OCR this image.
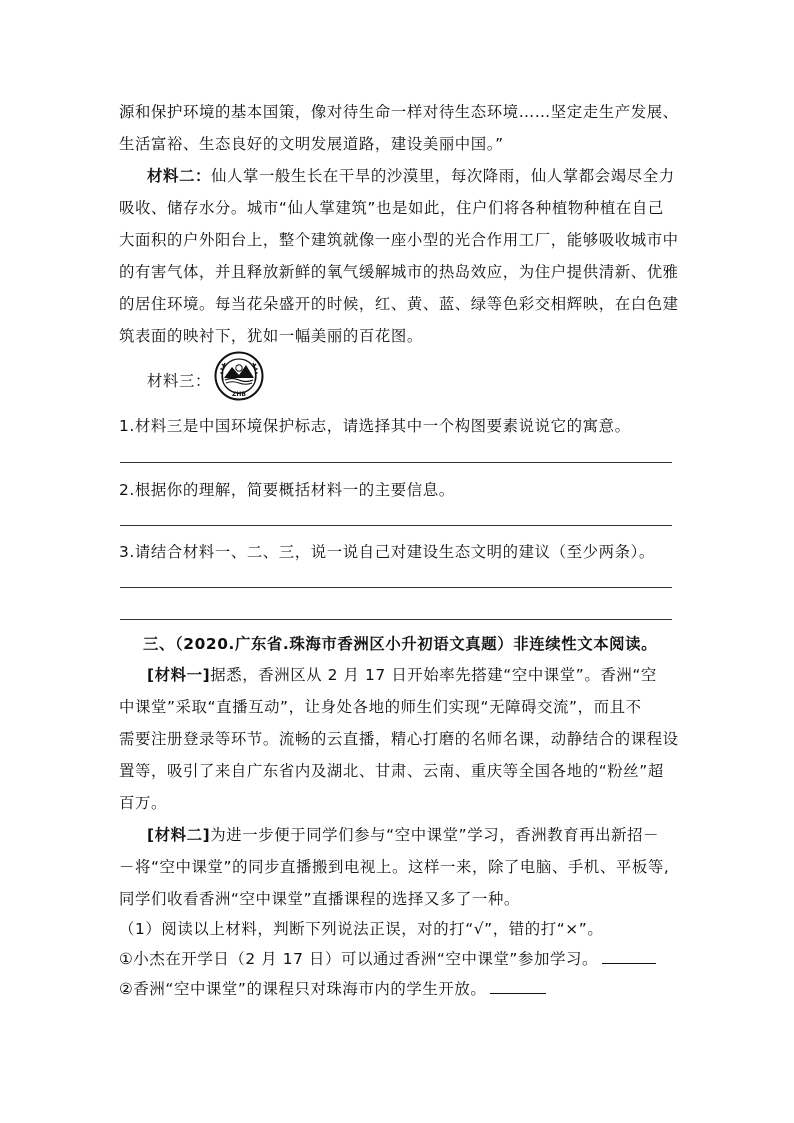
源和保护环境的基本国策，像对待生命一样对待生态环境……坚定走生产发展、
生活富裕、生态良好的文明发展道路，建设美丽中国。”
材料二：仙人掌一般生长在干旱的沙漠里，每次降雨，仙人掌都会竭尽全力
吸收、储存水分。城市“仙人掌建筑”也是如此，住户们将各种植物种植在自己
大面积的户外阳台上，整个建筑就像一座小型的光合作用工厂，能够吸收城市中
的有害气体，并且释放新鲜的氧气缓解城市的热岛效应，为住户提供清新、优雅
的居住环境。每当花朵盛开的时候，红、黄、蓝、绿等色彩交相辉映，在白色建
筑表面的映衬下，犹如一幅美丽的百花图。
材料三：
ZHB
1.材料三是中国环境保护标志，请选择其中一个构图要素说说它的寓意。
2.根据你的理解，简要概括材料一的主要信息。
3.请结合材料一、二、三，说一说自己对建设生态文明的建议（至少两条）。
三、（2020.广东省.珠海市香洲区小升初语文真题）非连续性文本阅读。
[材料一]据悉，香洲区从 2 月 17 日开始率先搭建“空中课堂”。香洲“空
中课堂”采取“直播互动”，让身处各地的师生们实现“无障碍交流”，而且不
需要注册登录等环节。流畅的云直播，精心打磨的名师名课，动静结合的课程设
置等，吸引了来自广东省内及湖北、甘肃、云南、重庆等全国各地的“粉丝”超
百万。
[材料二]为进一步便于同学们参与“空中课堂”学习，香洲教育再出新招－
－将“空中课堂”的同步直播搬到电视上。这样一来，除了电脑、手机、平板等,
同学们收看香洲“空中课堂”直播课程的选择又多了一种。
（1）阅读以上材料，判断下列说法正误，对的打“√”，错的打“×”。
①小杰在开学日（2 月 17 日）可以通过香洲“空中课堂”参加学习。
②香洲“空中课堂”的课程只对珠海市内的学生开放。
